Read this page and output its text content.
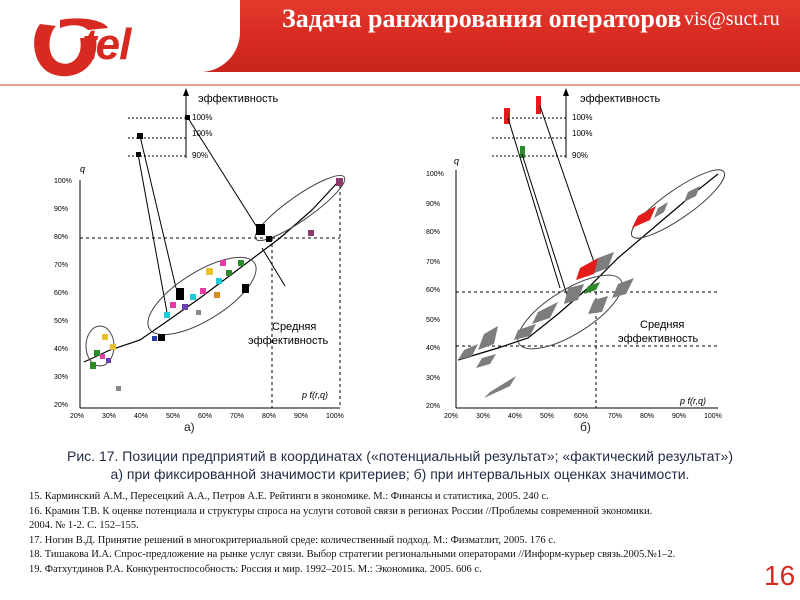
tel
Задача ранжирования операторов vis@suct.ru
эффективность
100%
100%
90%
q
p f(r,q)
100%
90%
80%
70%
60%
50%
40%
30%
20%
20%	30%	40%	50%	60%	70%	80%	90%	100%
Средняя
эффективность
эффективность
100%
100%
90%
q
p f(r,q)
100%
90%
80%
70%
60%
50%
40%
30%
20%
20%	30%	40%	50%	60%	70%	80%	90%	100%
Средняя
эффективность
а)	б)
Рис. 17. Позиции предприятий в координатах («потенциальный результат»; «фактический результат»)
а) при фиксированной значимости критериев; б) при интервальных оценках значимости.
15. Карминский А.М., Пересецкий А.А., Петров А.Е. Рейтинги в экономике. М.: Финансы и статистика, 2005. 240 с.
16. Крамин Т.В. К оценке потенциала и структуры спроса на услуги сотовой связи в регионах России //Проблемы современной экономики.
2004. № 1-2. С. 152–155.
17. Ногин В.Д. Принятие решений в многокритериальной среде: количественный подход. М.: Физматлит, 2005. 176 с.
18. Тишакова И.А. Спрос-предложение на рынке услуг связи. Выбор стратегии региональными операторами //Информ-курьер связь.2005.№1–2.
19. Фатхутдинов Р.А. Конкурентоспособность: Россия и мир. 1992–2015. М.: Экономика. 2005. 606 с.	16
